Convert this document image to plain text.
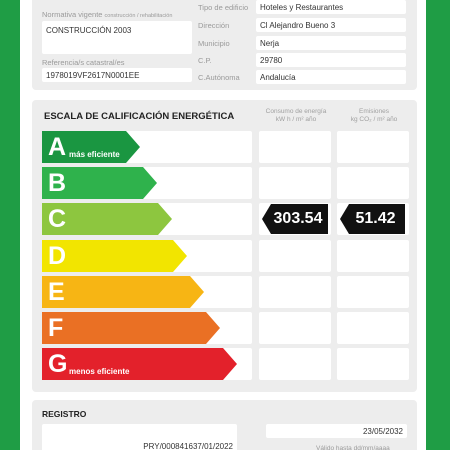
Normativa vigente construcción / rehabilitación
CONSTRUCCIÓN 2003
Referencia/s catastral/es
1978019VF2617N0001EE
Tipo de edificio	Hoteles y Restaurantes
Dirección	Cl Alejandro Bueno 3
Municipio	Nerja
C.P.	29780
C.Autónoma	Andalucía
ESCALA DE CALIFICACIÓN ENERGÉTICA	Consumo de energía
kW h / m² año
Emisiones
kg CO₂ / m² año
A más eficiente
B
C	303.54	51.42
D
E
F
G menos eficiente
REGISTRO
PRY/000841637/01/2022
23/05/2032
Válido hasta dd/mm/aaaa
